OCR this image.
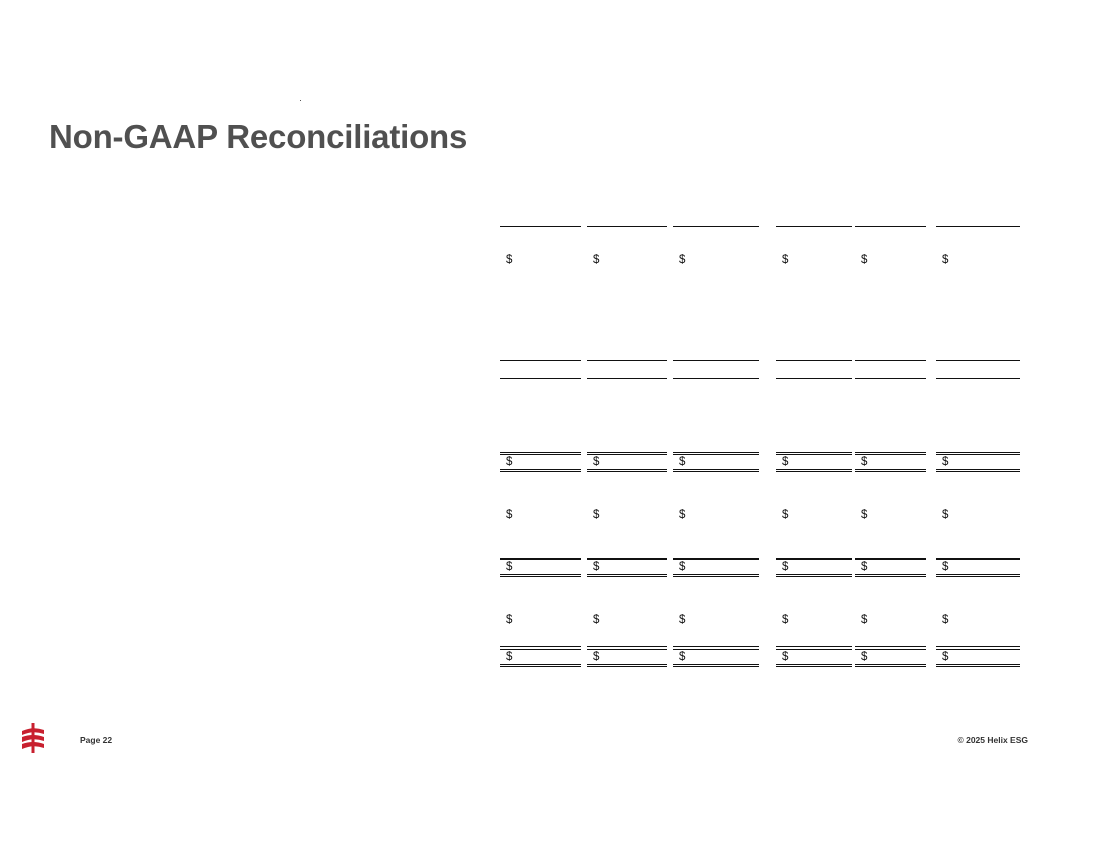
Non-GAAP Reconciliations
$	$	$	$	$	$
$	$	$	$	$	$
$	$	$	$	$	$
$	$	$	$	$	$
$	$	$	$	$	$
$	$	$	$	$	$
Page 22	© 2025 Helix ESG
